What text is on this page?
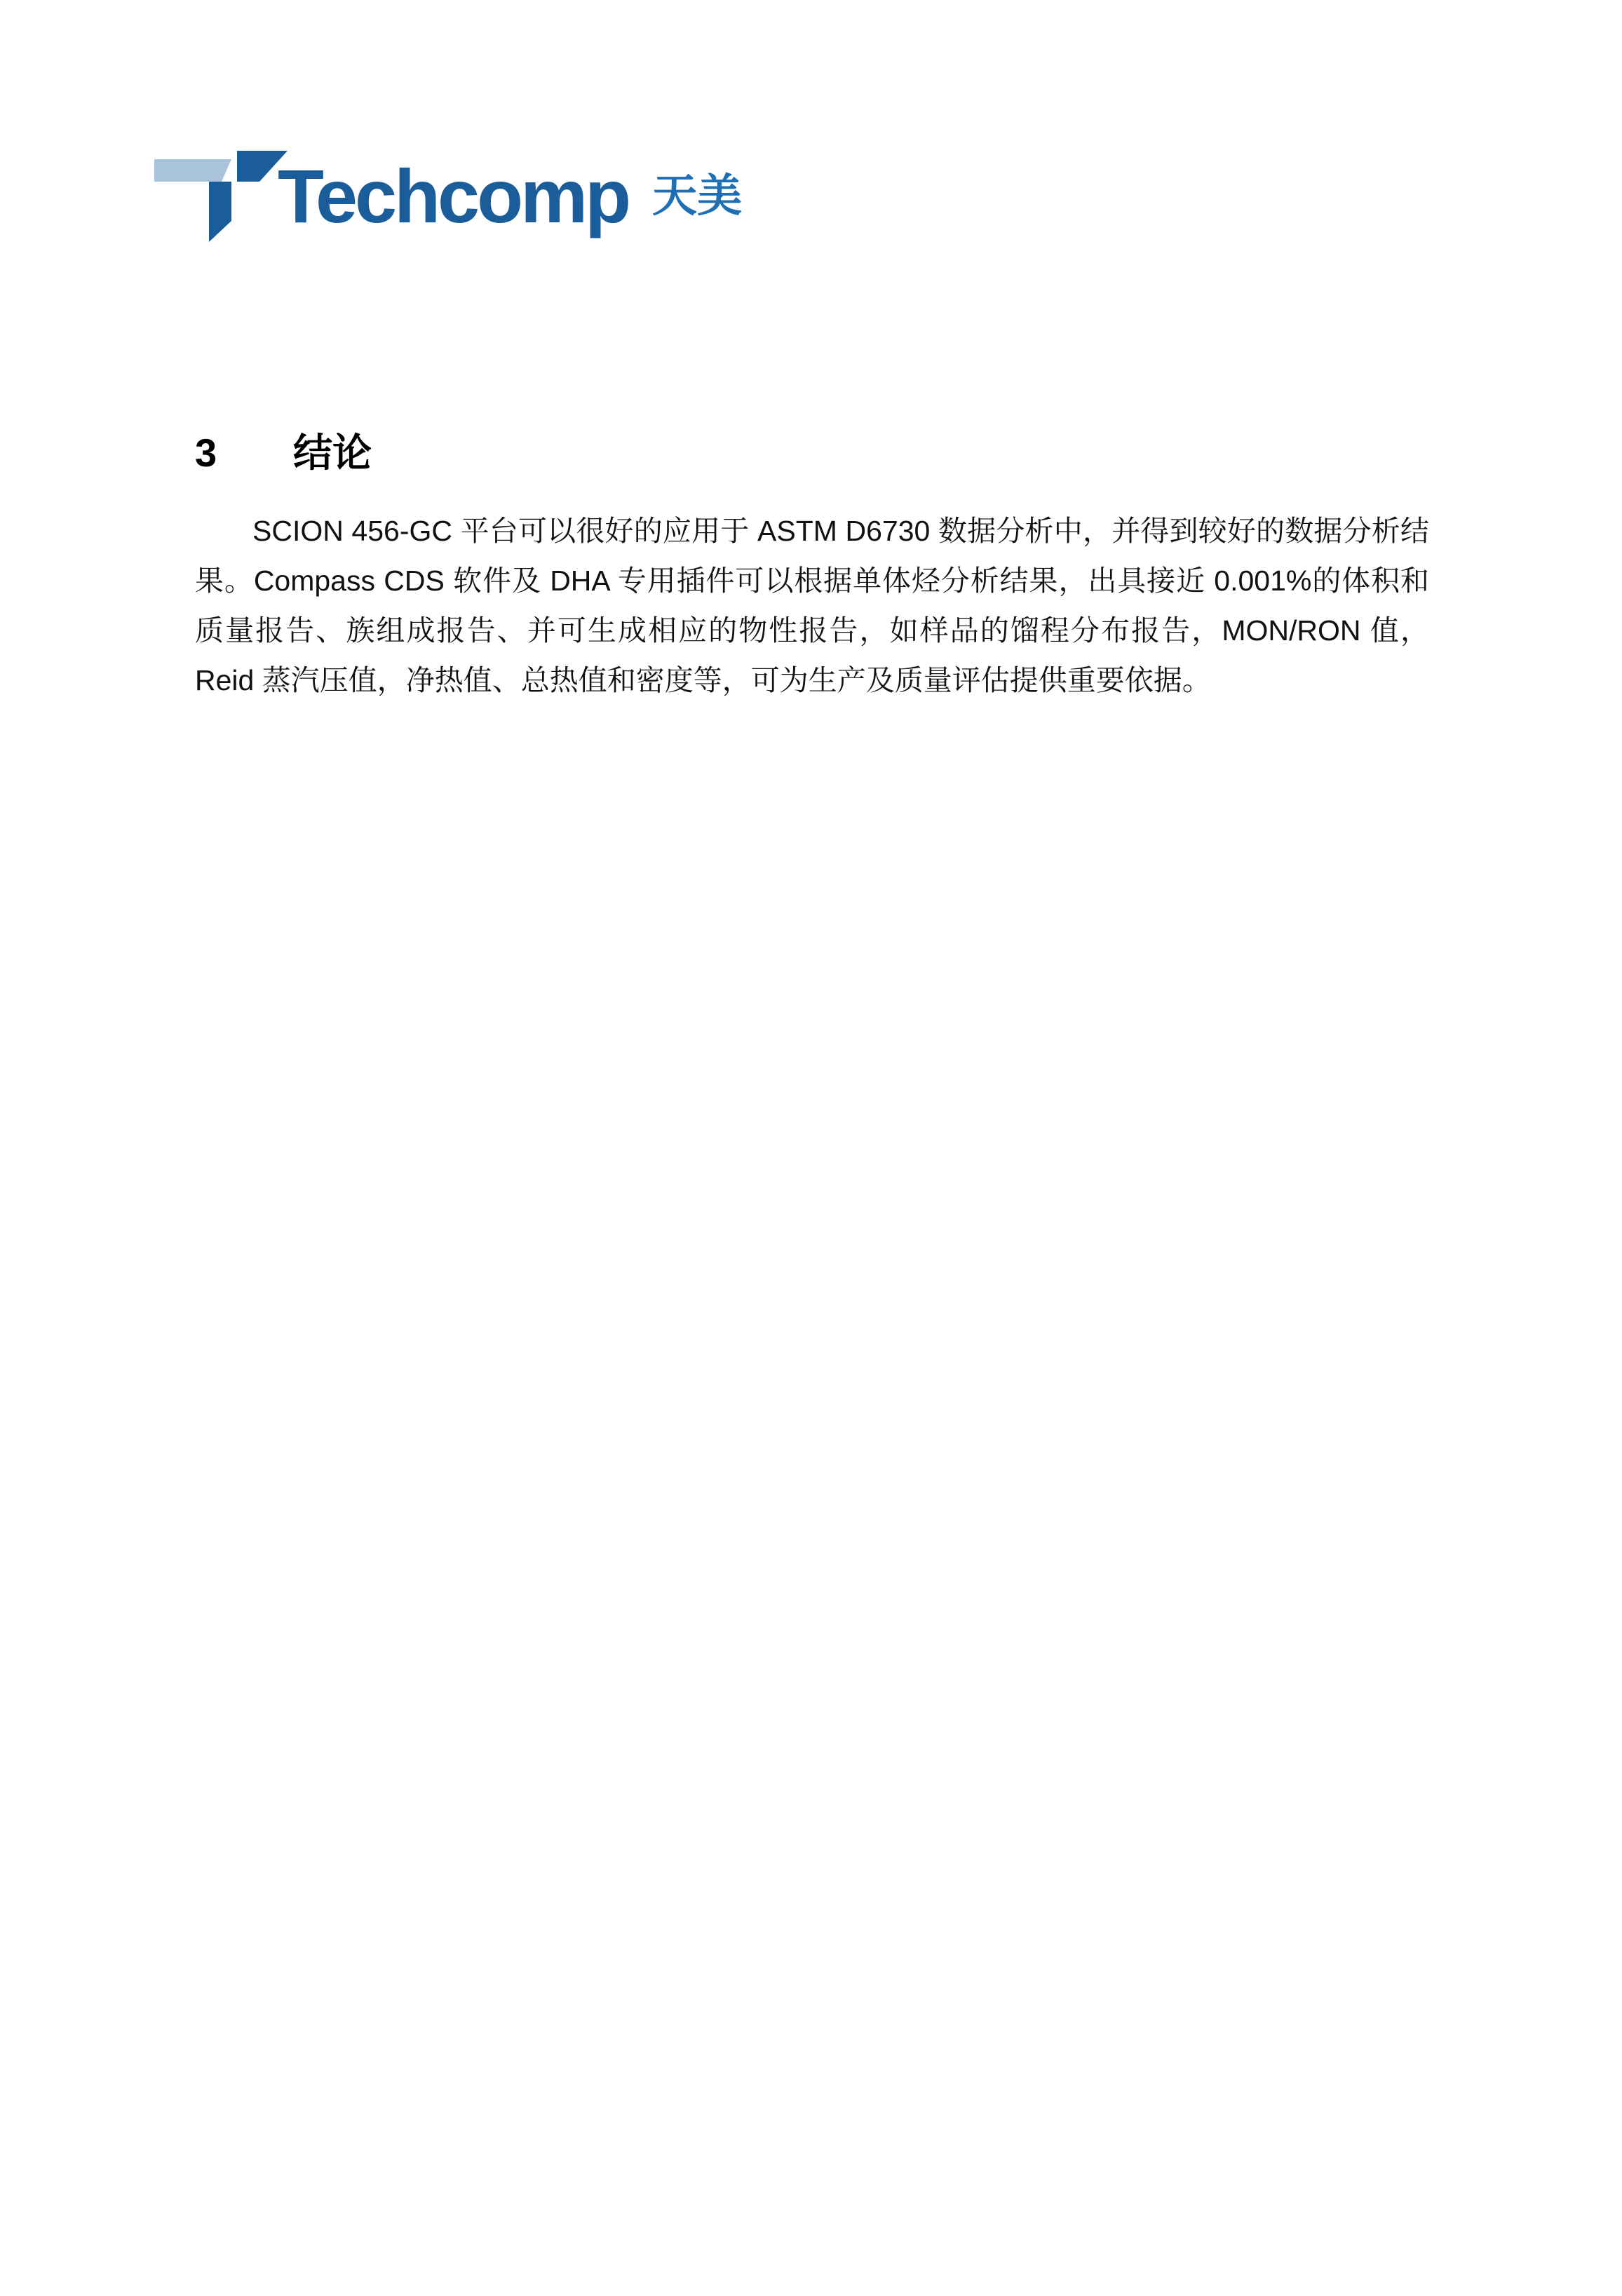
Techcomp 天美
3	结论

SCION 456-GC 平台可以很好的应用于 ASTM D6730 数据分析中，并得到较好的数据分析结果。Compass CDS 软件及 DHA 专用插件可以根据单体烃分析结果，出具接近 0.001%的体积和质量报告、族组成报告、并可生成相应的物性报告，如样品的馏程分布报告，MON/RON 值，Reid 蒸汽压值，净热值、总热值和密度等，可为生产及质量评估提供重要依据。
